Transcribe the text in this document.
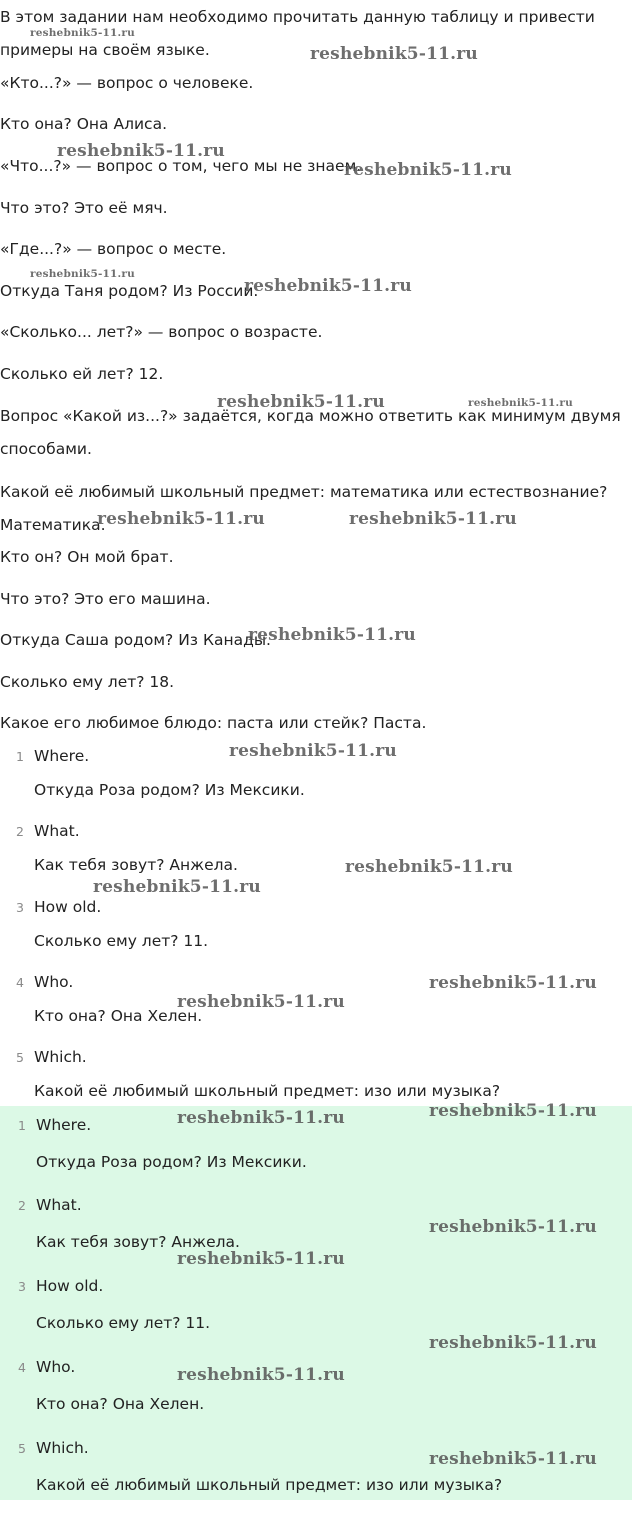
В этом задании нам необходимо прочитать данную таблицу и привести
примеры на своём языке.
«Кто...?» — вопрос о человеке.
Кто она? Она Алиса.
«Что...?» — вопрос о том, чего мы не знаем.
Что это? Это её мяч.
«Где...?» — вопрос о месте.
Откуда Таня родом? Из России.
«Сколько... лет?» — вопрос о возрасте.
Сколько ей лет? 12.
Вопрос «Какой из...?» задаётся, когда можно ответить как минимум двумя
способами.
Какой её любимый школьный предмет: математика или естествознание?
Математика.
Кто он? Он мой брат.
Что это? Это его машина.
Откуда Саша родом? Из Канады.
Сколько ему лет? 18.
Какое его любимое блюдо: паста или стейк? Паста.
1 Where.
Откуда Роза родом? Из Мексики.
2 What.
Как тебя зовут? Анжела.
3 How old.
Сколько ему лет? 11.
4 Who.
Кто она? Она Хелен.
5 Which.
Какой её любимый школьный предмет: изо или музыка?
1 Where.
Откуда Роза родом? Из Мексики.
2 What.
Как тебя зовут? Анжела.
3 How old.
Сколько ему лет? 11.
4 Who.
Кто она? Она Хелен.
5 Which.
Какой её любимый школьный предмет: изо или музыка?
reshebnik5-11.ru
reshebnik5-11.ru
reshebnik5-11.ru
reshebnik5-11.ru
reshebnik5-11.ru
reshebnik5-11.ru
reshebnik5-11.ru	reshebnik5-11.ru
reshebnik5-11.ru	reshebnik5-11.ru
reshebnik5-11.ru
reshebnik5-11.ru
reshebnik5-11.ru
reshebnik5-11.ru
reshebnik5-11.ru
reshebnik5-11.ru
reshebnik5-11.ru
reshebnik5-11.ru
reshebnik5-11.ru
reshebnik5-11.ru
reshebnik5-11.ru
reshebnik5-11.ru
reshebnik5-11.ru
